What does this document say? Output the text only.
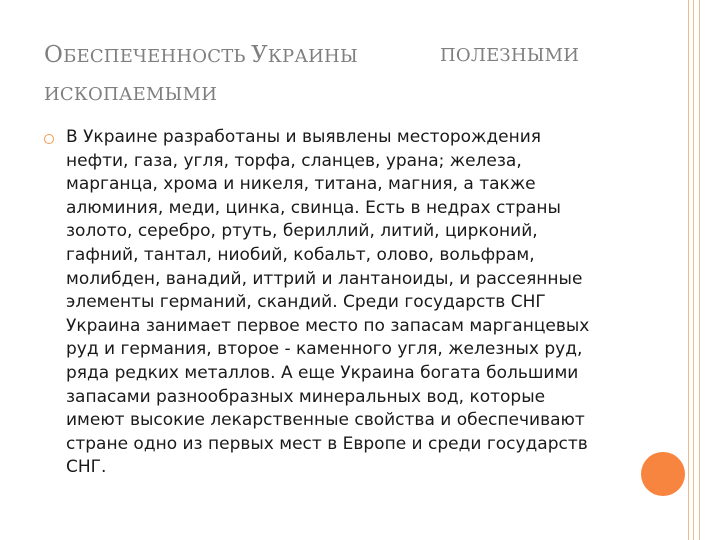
ОБЕСПЕЧЕННОСТЬ УКРАИНЫ	ПОЛЕЗНЫМИ
ИСКОПАЕМЫМИ
В Украине разработаны и выявлены месторождения
нефти, газа, угля, торфа, сланцев, урана; железа,
марганца, хрома и никеля, титана, магния, а также
алюминия, меди, цинка, свинца. Есть в недрах страны
золото, серебро, ртуть, бериллий, литий, цирконий,
гафний, тантал, ниобий, кобальт, олово, вольфрам,
молибден, ванадий, иттрий и лантаноиды, и рассеянные
элементы германий, скандий. Среди государств СНГ
Украина занимает первое место по запасам марганцевых
руд и германия, второе - каменного угля, железных руд,
ряда редких металлов. А еще Украина богата большими
запасами разнообразных минеральных вод, которые
имеют высокие лекарственные свойства и обеспечивают
стране одно из первых мест в Европе и среди государств
СНГ.
